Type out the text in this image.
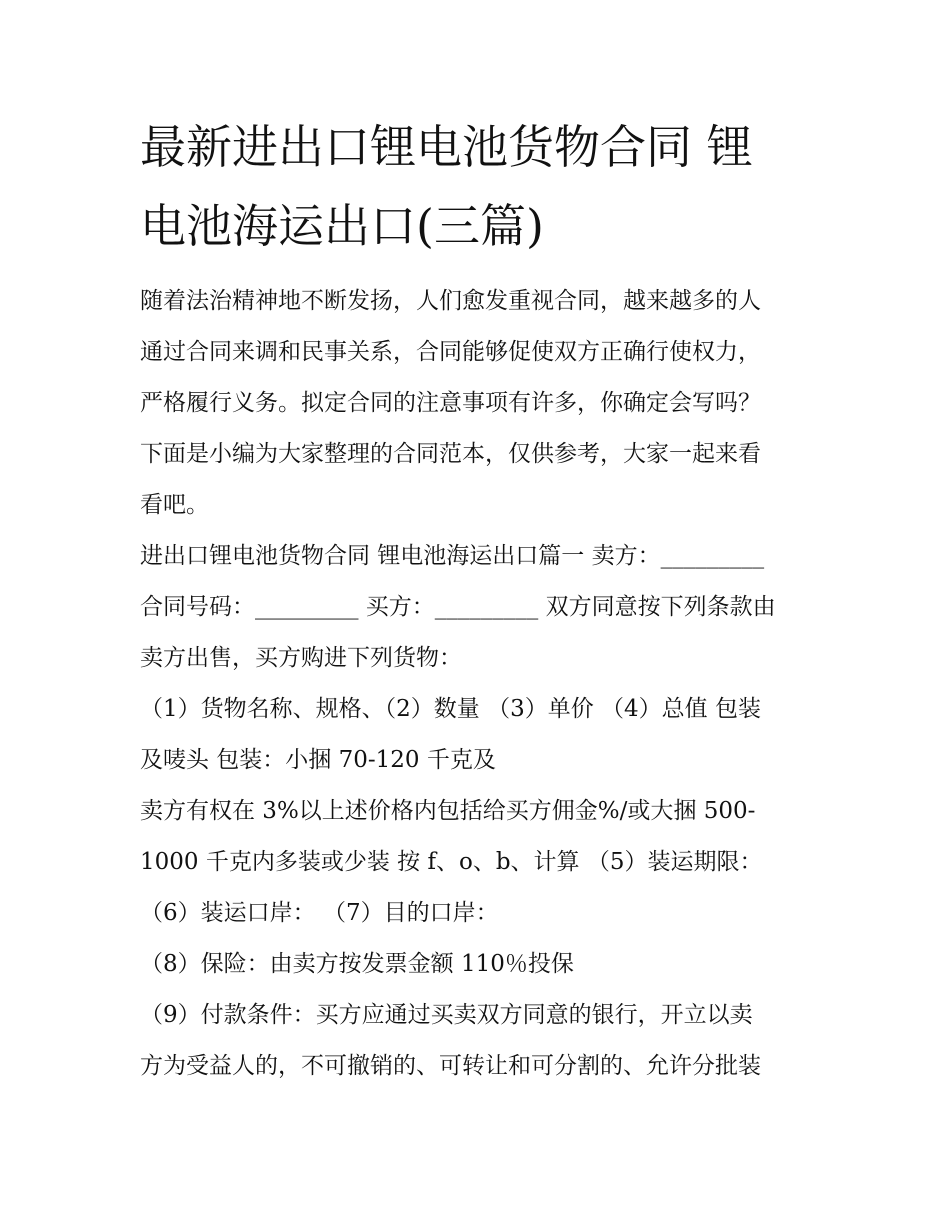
最新进出口锂电池货物合同 锂
电池海运出口(三篇)

随着法治精神地不断发扬，人们愈发重视合同，越来越多的人

通过合同来调和民事关系，合同能够促使双方正确行使权力，

严格履行义务。拟定合同的注意事项有许多，你确定会写吗？

下面是小编为大家整理的合同范本，仅供参考，大家一起来看

看吧。

进出口锂电池货物合同 锂电池海运出口篇一 卖方：_________

合同号码：_________ 买方：_________ 双方同意按下列条款由

卖方出售，买方购进下列货物：

（1）货物名称、规格、（2）数量 （3）单价 （4）总值 包装

及唛头 包装：小捆 70-120 千克及

卖方有权在 3%以上述价格内包括给买方佣金%/或大捆 500-

1000 千克内多装或少装 按 f、o、b、计算 （5）装运期限：

（6）装运口岸： （7）目的口岸：

（8）保险：由卖方按发票金额 110％投保

（9）付款条件：买方应通过买卖双方同意的银行，开立以卖

方为受益人的，不可撤销的、可转让和可分割的、允许分批装
